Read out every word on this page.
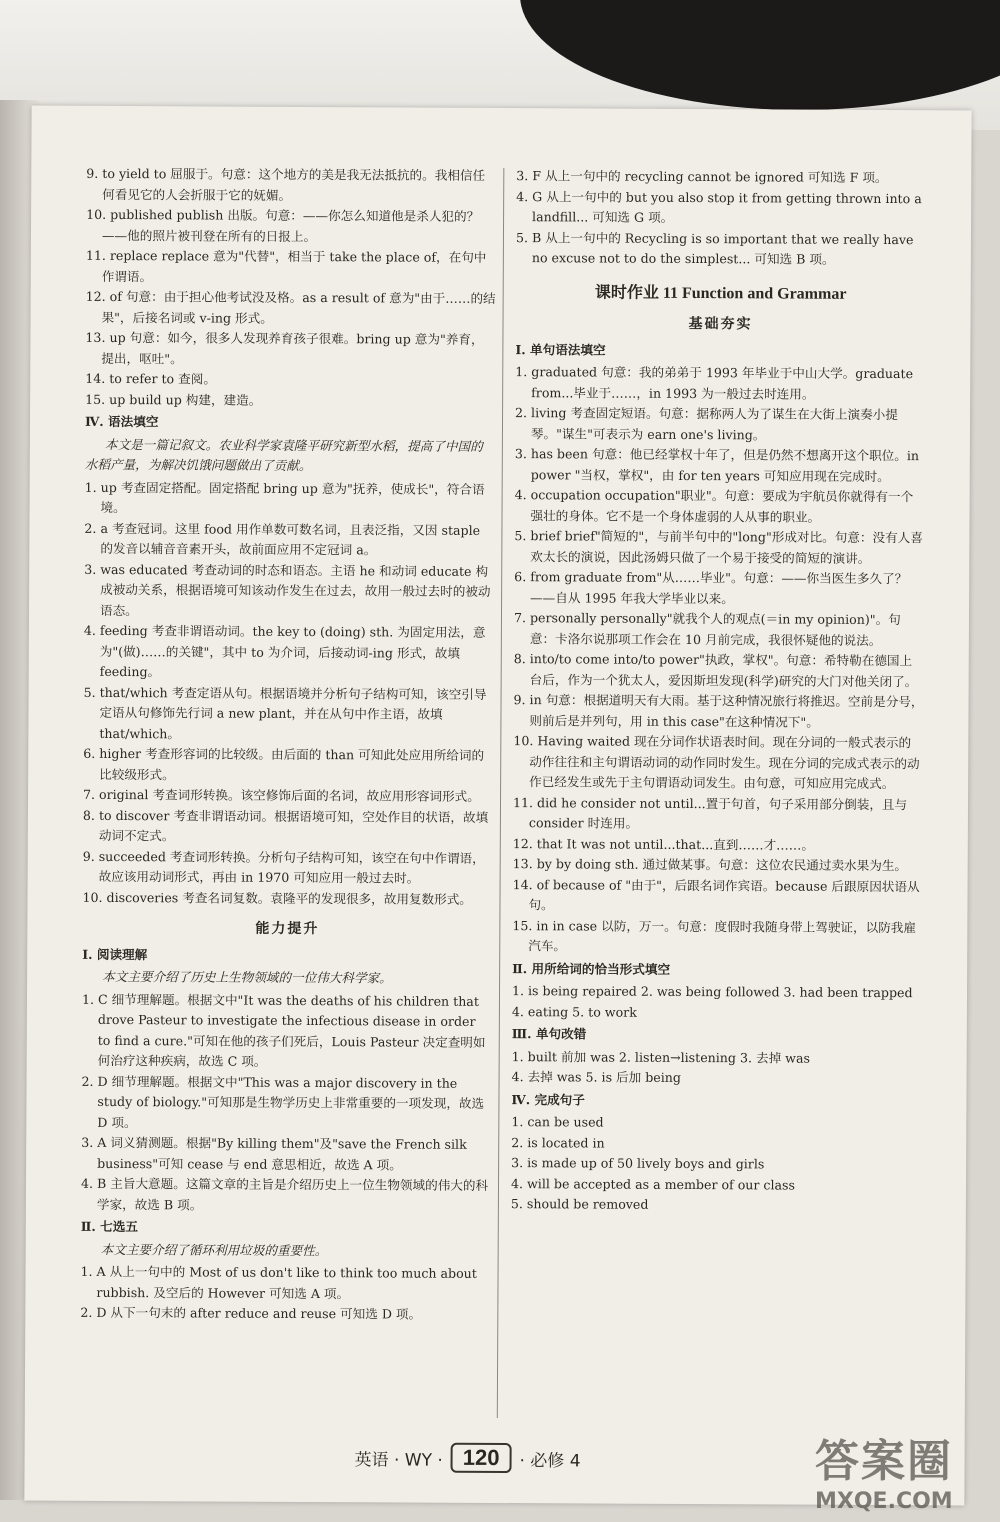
9. to yield to 屈服于。句意：这个地方的美是我无法抵抗的。我相信任何看见它的人会折服于它的妩媚。
10. published publish 出版。句意：——你怎么知道他是杀人犯的？——他的照片被刊登在所有的日报上。
11. replace replace 意为"代替"，相当于 take the place of，在句中作谓语。
12. of 句意：由于担心他考试没及格。as a result of 意为"由于……的结果"，后接名词或 v-ing 形式。
13. up 句意：如今，很多人发现养育孩子很难。bring up 意为"养育，提出，呕吐"。
14. to refer to 查阅。
15. up build up 构建，建造。
Ⅳ. 语法填空
本文是一篇记叙文。农业科学家袁隆平研究新型水稻，提高了中国的水稻产量，为解决饥饿问题做出了贡献。
1. up 考查固定搭配。固定搭配 bring up 意为"抚养，使成长"，符合语境。
2. a 考查冠词。这里 food 用作单数可数名词，且表泛指，又因 staple 的发音以辅音音素开头，故前面应用不定冠词 a。
3. was educated 考查动词的时态和语态。主语 he 和动词 educate 构成被动关系，根据语境可知该动作发生在过去，故用一般过去时的被动语态。
4. feeding 考查非谓语动词。the key to (doing) sth. 为固定用法，意为"(做)……的关键"，其中 to 为介词，后接动词-ing 形式，故填 feeding。
5. that/which 考查定语从句。根据语境并分析句子结构可知，该空引导定语从句修饰先行词 a new plant，并在从句中作主语，故填 that/which。
6. higher 考查形容词的比较级。由后面的 than 可知此处应用所给词的比较级形式。
7. original 考查词形转换。该空修饰后面的名词，故应用形容词形式。
8. to discover 考查非谓语动词。根据语境可知，空处作目的状语，故填动词不定式。
9. succeeded 考查词形转换。分析句子结构可知，该空在句中作谓语，故应该用动词形式，再由 in 1970 可知应用一般过去时。
10. discoveries 考查名词复数。袁隆平的发现很多，故用复数形式。
能力提升
Ⅰ. 阅读理解
本文主要介绍了历史上生物领域的一位伟大科学家。
1. C 细节理解题。根据文中"It was the deaths of his children that drove Pasteur to investigate the infectious disease in order to find a cure."可知在他的孩子们死后，Louis Pasteur 决定查明如何治疗这种疾病，故选 C 项。
2. D 细节理解题。根据文中"This was a major discovery in the study of biology."可知那是生物学历史上非常重要的一项发现，故选 D 项。
3. A 词义猜测题。根据"By killing them"及"save the French silk business"可知 cease 与 end 意思相近，故选 A 项。
4. B 主旨大意题。这篇文章的主旨是介绍历史上一位生物领域的伟大的科学家，故选 B 项。
Ⅱ. 七选五
本文主要介绍了循环利用垃圾的重要性。
1. A 从上一句中的 Most of us don't like to think too much about rubbish. 及空后的 However 可知选 A 项。
2. D 从下一句末的 after reduce and reuse 可知选 D 项。
3. F 从上一句中的 recycling cannot be ignored 可知选 F 项。
4. G 从上一句中的 but you also stop it from getting thrown into a landfill... 可知选 G 项。
5. B 从上一句中的 Recycling is so important that we really have no excuse not to do the simplest... 可知选 B 项。
课时作业 11 Function and Grammar
基础夯实
Ⅰ. 单句语法填空
1. graduated 句意：我的弟弟于 1993 年毕业于中山大学。graduate from...毕业于……，in 1993 为一般过去时连用。
2. living 考查固定短语。句意：据称两人为了谋生在大街上演奏小提琴。"谋生"可表示为 earn one's living。
3. has been 句意：他已经掌权十年了，但是仍然不想离开这个职位。in power "当权，掌权"，由 for ten years 可知应用现在完成时。
4. occupation occupation"职业"。句意：要成为宇航员你就得有一个强壮的身体。它不是一个身体虚弱的人从事的职业。
5. brief brief"简短的"，与前半句中的"long"形成对比。句意：没有人喜欢太长的演说，因此汤姆只做了一个易于接受的简短的演讲。
6. from graduate from"从……毕业"。句意：——你当医生多久了？——自从 1995 年我大学毕业以来。
7. personally personally"就我个人的观点(＝in my opinion)"。句意：卡洛尔说那项工作会在 10 月前完成，我很怀疑他的说法。
8. into/to come into/to power"执政，掌权"。句意：希特勒在德国上台后，作为一个犹太人，爱因斯坦发现(科学)研究的大门对他关闭了。
9. in 句意：根据道明天有大雨。基于这种情况旅行将推迟。空前是分号，则前后是并列句，用 in this case"在这种情况下"。
10. Having waited 现在分词作状语表时间。现在分词的一般式表示的动作往往和主句谓语动词的动作同时发生。现在分词的完成式表示的动作已经发生或先于主句谓语动词发生。由句意，可知应用完成式。
11. did he consider not until...置于句首，句子采用部分倒装，且与 consider 时连用。
12. that It was not until...that...直到……才……。
13. by by doing sth. 通过做某事。句意：这位农民通过卖水果为生。
14. of because of "由于"，后跟名词作宾语。because 后跟原因状语从句。
15. in in case 以防，万一。句意：度假时我随身带上驾驶证，以防我雇汽车。
Ⅱ. 用所给词的恰当形式填空
1. is being repaired 2. was being followed 3. had been trapped
4. eating 5. to work
Ⅲ. 单句改错
1. built 前加 was 2. listen→listening 3. 去掉 was
4. 去掉 was 5. is 后加 being
Ⅳ. 完成句子
1. can be used
2. is located in
3. is made up of 50 lively boys and girls
4. will be accepted as a member of our class
5. should be removed
英语 · WY · 120	· 必修 4	答案圈
MXQE.COM
